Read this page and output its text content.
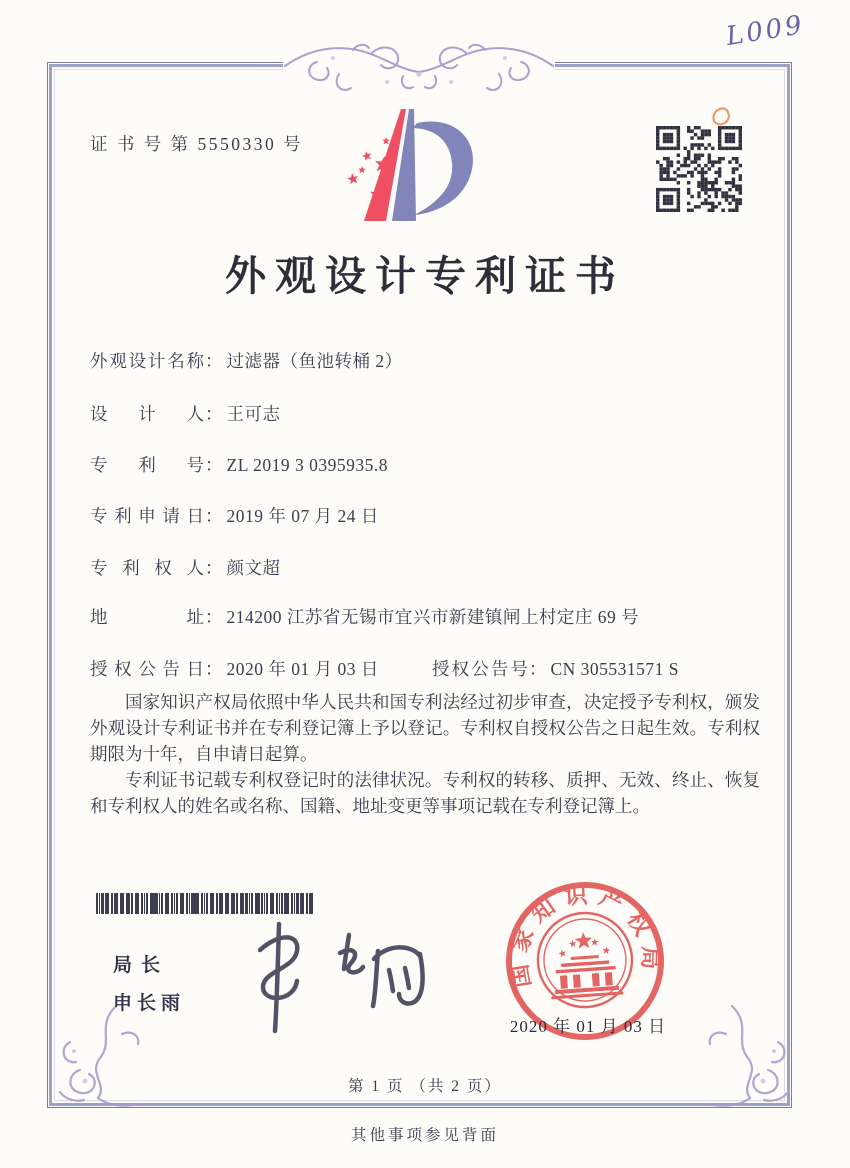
L009
证 书 号 第 5550330 号
外观设计专利证书
外观设计名称： 过滤器（鱼池转桶 2）
设计人： 王可志
专利号： ZL 2019 3 0395935.8
专利申请日： 2019 年 07 月 24 日
专利权人： 颜文超
地址： 214200 江苏省无锡市宜兴市新建镇闸上村定庄 69 号
授权公告日： 2020 年 01 月 03 日	授权公告号： CN 305531571 S

国家知识产权局依照中华人民共和国专利法经过初步审查，决定授予专利权，颁发外观设计专利证书并在专利登记簿上予以登记。专利权自授权公告之日起生效。专利权期限为十年，自申请日起算。

专利证书记载专利权登记时的法律状况。专利权的转移、质押、无效、终止、恢复和专利权人的姓名或名称、国籍、地址变更等事项记载在专利登记簿上。

局长
申长雨
国家知识产权局
2020 年 01 月 03 日
第 1 页 （共 2 页）
其他事项参见背面
